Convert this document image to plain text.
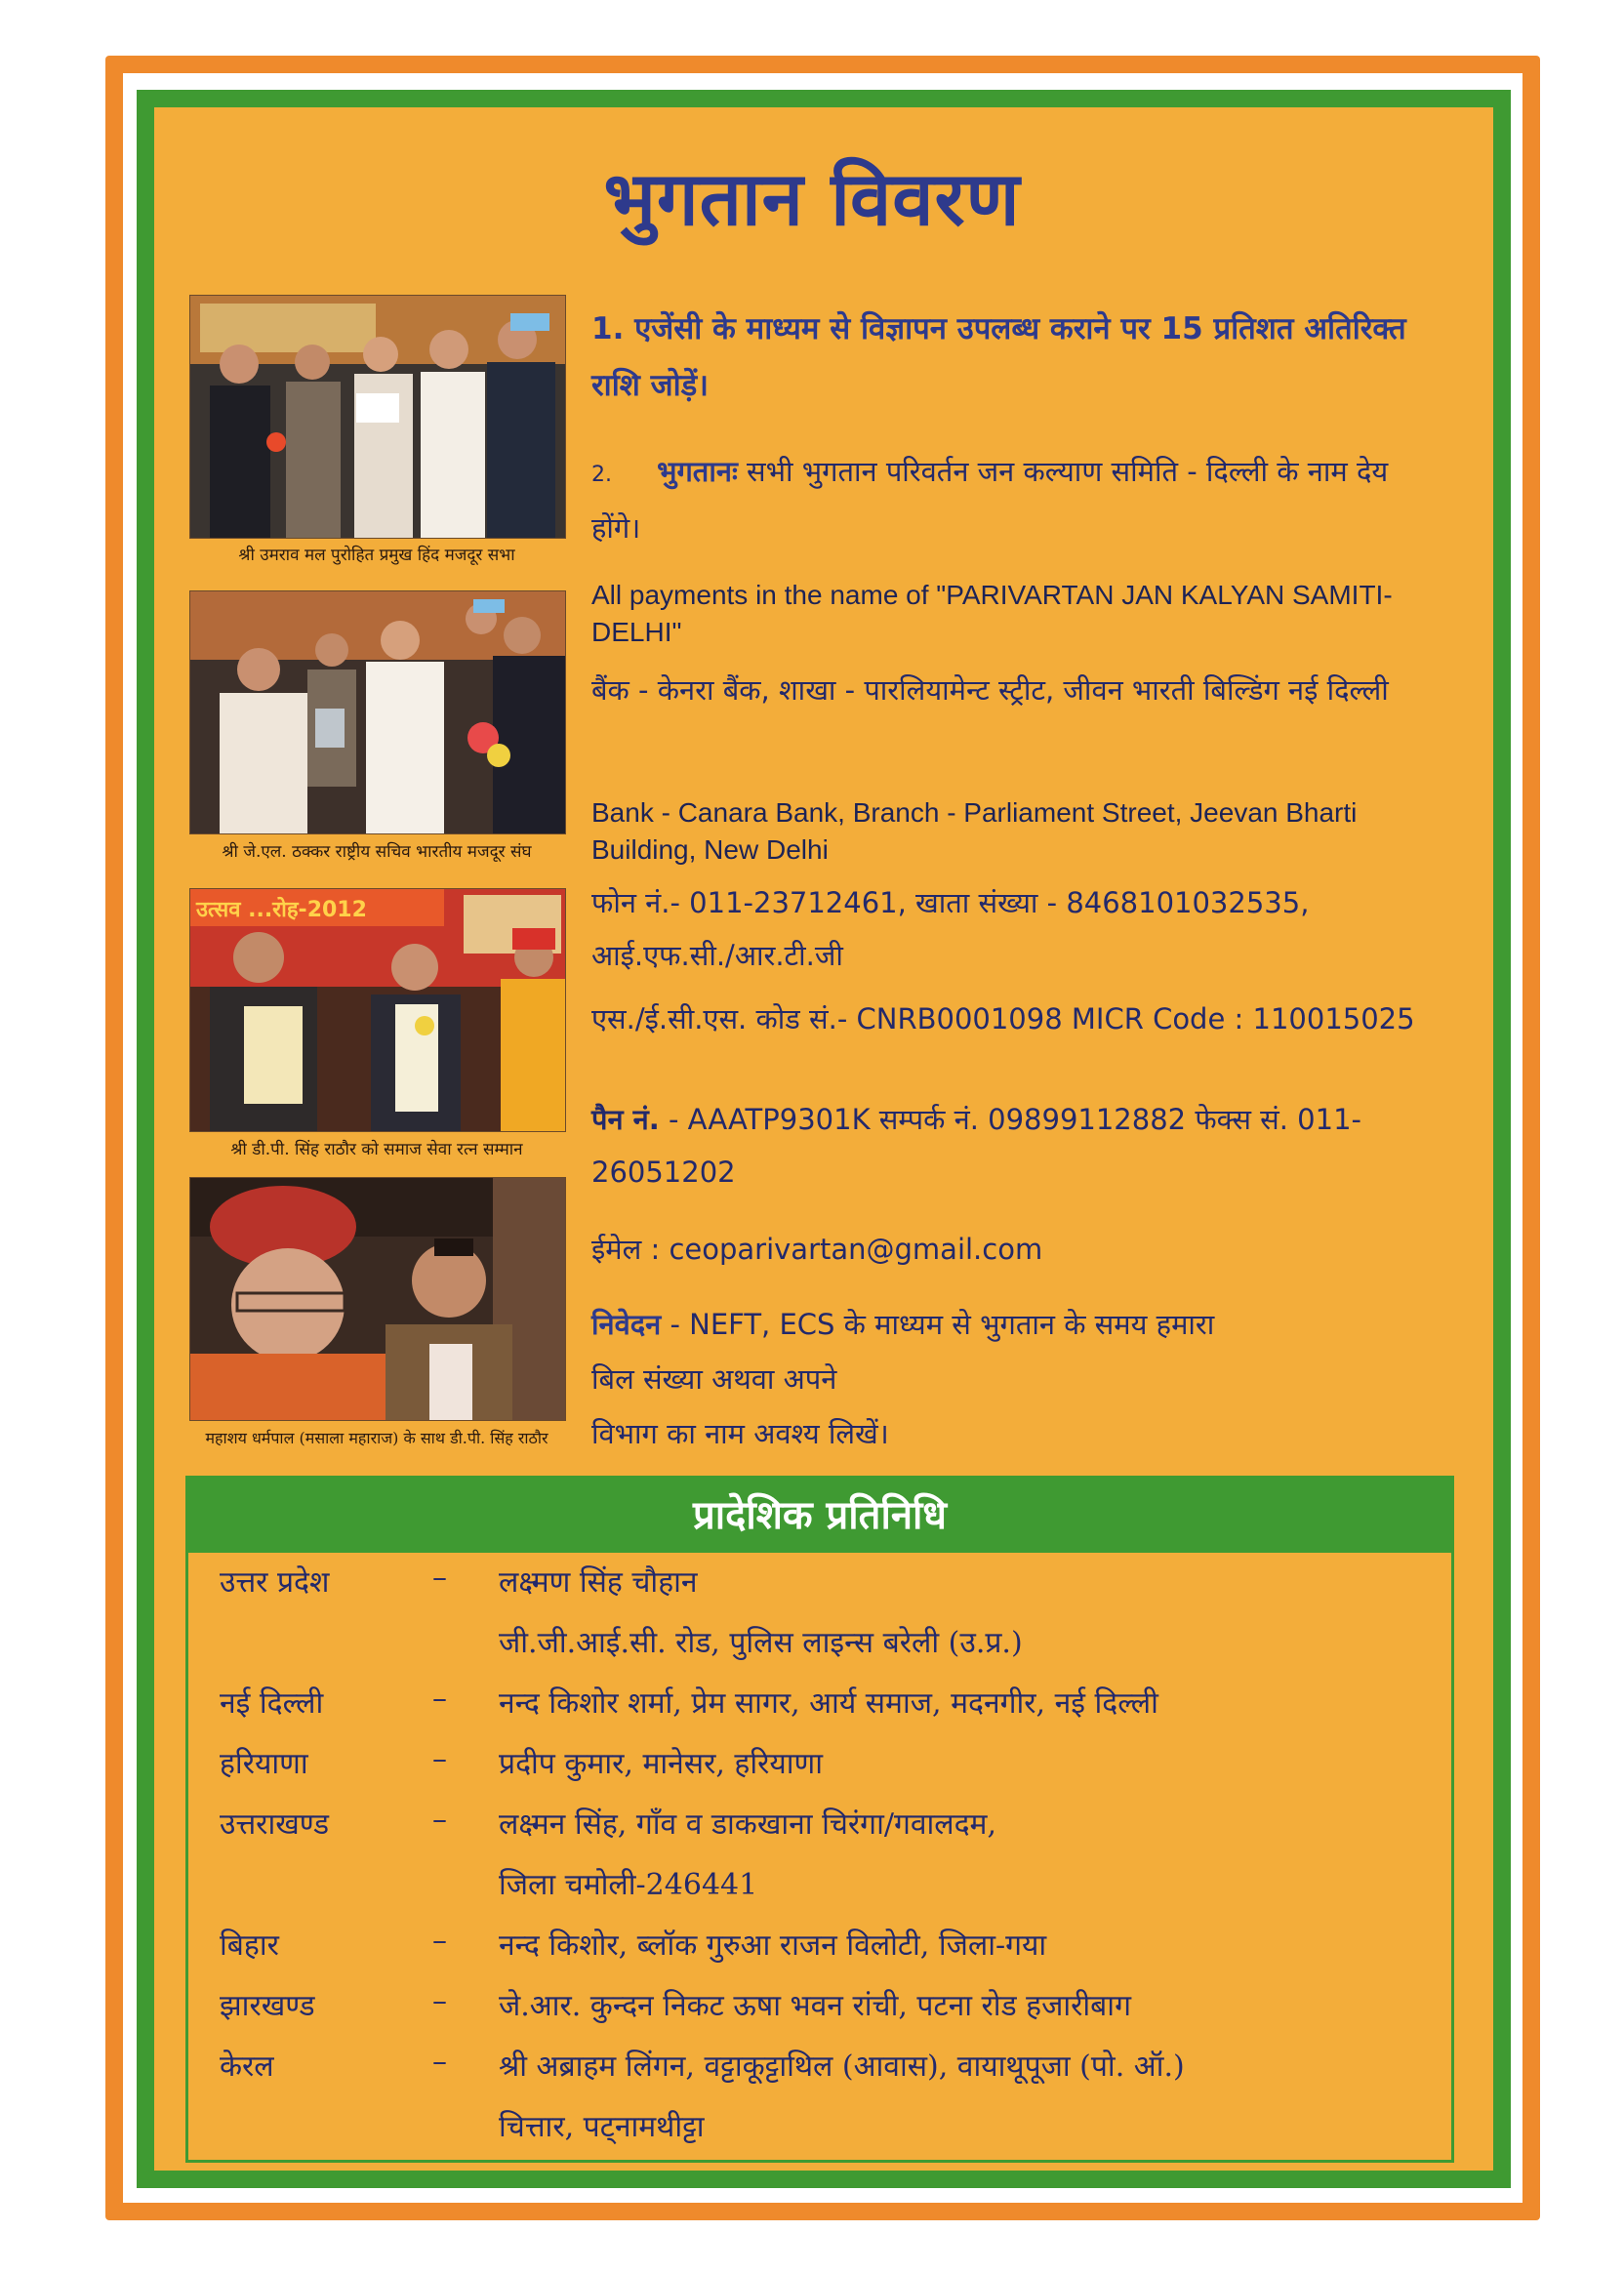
भुगतान विवरण
श्री उमराव मल पुरोहित प्रमुख हिंद मजदूर सभा
श्री जे.एल. ठक्कर राष्ट्रीय सचिव भारतीय मजदूर संघ
उत्सव ...रोह-2012
श्री डी.पी. सिंह राठौर को समाज सेवा रत्न सम्मान
महाशय धर्मपाल (मसाला महाराज) के साथ डी.पी. सिंह राठौर
1. एजेंसी के माध्यम से विज्ञापन उपलब्ध कराने पर 15 प्रतिशत अतिरिक्त राशि जोड़ें।
2. भुगतानः सभी भुगतान परिवर्तन जन कल्याण समिति - दिल्ली के नाम देय होंगे।
All payments in the name of "PARIVARTAN JAN KALYAN SAMITI-DELHI"
बैंक - केनरा बैंक, शाखा - पारलियामेन्ट स्ट्रीट, जीवन भारती बिल्डिंग नई दिल्ली
Bank - Canara Bank, Branch - Parliament Street, Jeevan Bharti Building, New Delhi
फोन नं.- 011-23712461, खाता संख्या - 8468101032535, आई.एफ.सी./आर.टी.जी
एस./ई.सी.एस. कोड सं.- CNRB0001098 MICR Code : 110015025
पैन नं. - AAATP9301K सम्पर्क नं. 09899112882 फेक्स सं. 011-26051202
ईमेल : ceoparivartan@gmail.com
निवेदन - NEFT, ECS के माध्यम से भुगतान के समय हमारा
बिल संख्या अथवा अपने
विभाग का नाम अवश्य लिखें।
प्रादेशिक प्रतिनिधि
उत्तर प्रदेश	– लक्ष्मण सिंह चौहान
जी.जी.आई.सी. रोड, पुलिस लाइन्स बरेली (उ.प्र.)
नई दिल्ली	– नन्द किशोर शर्मा, प्रेम सागर, आर्य समाज, मदनगीर, नई दिल्ली
हरियाणा	– प्रदीप कुमार, मानेसर, हरियाणा
उत्तराखण्ड	– लक्ष्मन सिंह, गाँव व डाकखाना चिरंगा/गवालदम,
जिला चमोली-246441
बिहार	– नन्द किशोर, ब्लॉक गुरुआ राजन विलोटी, जिला-गया
झारखण्ड	– जे.आर. कुन्दन निकट ऊषा भवन रांची, पटना रोड हजारीबाग
केरल	– श्री अब्राहम लिंगन, वट्टाकूट्टाथिल (आवास), वायाथूपूजा (पो. ऑ.)
चित्तार, पट्नामथीट्टा
